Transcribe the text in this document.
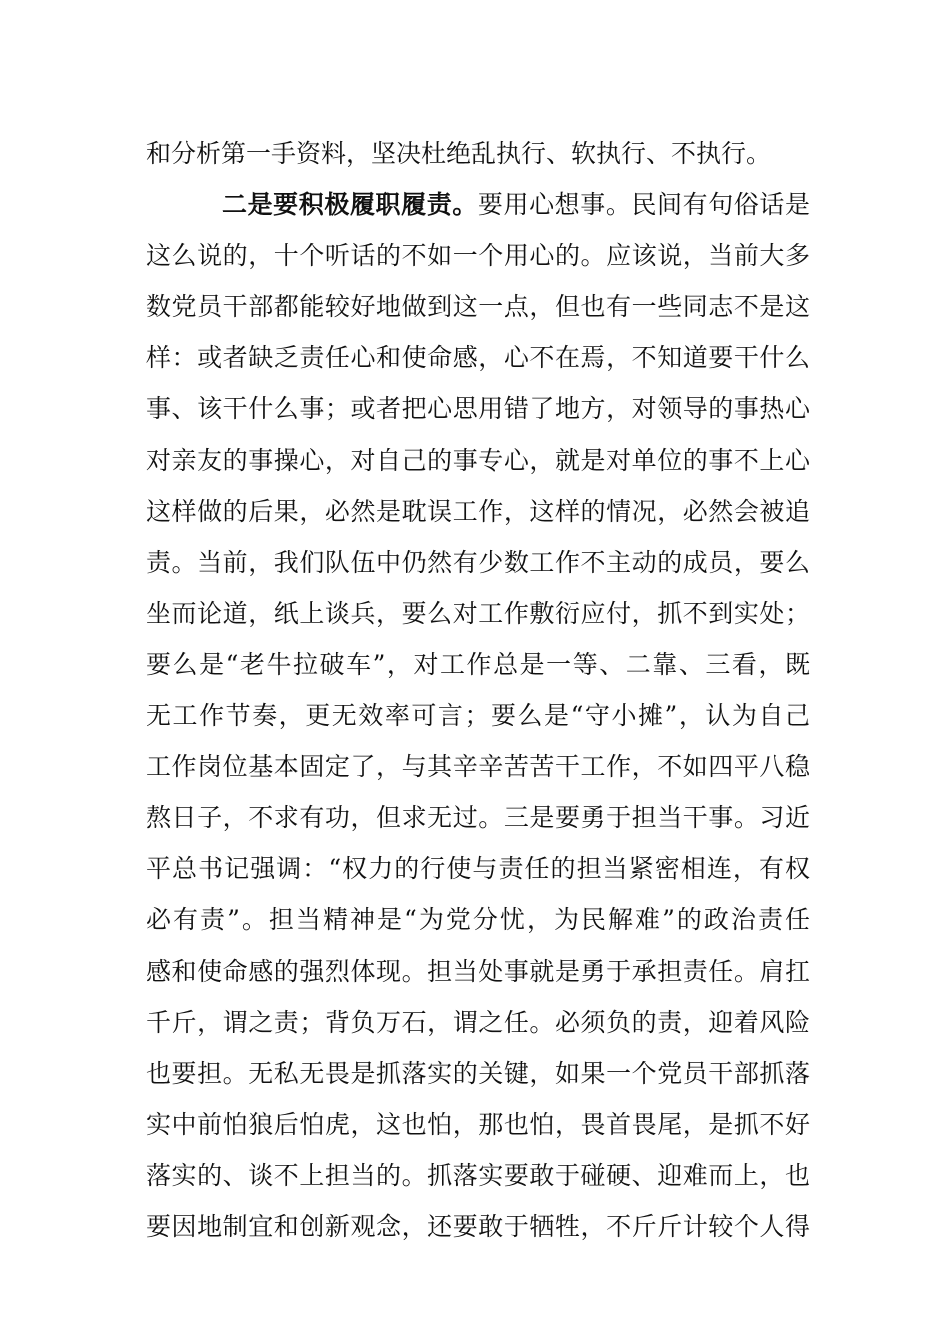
和分析第一手资料，坚决杜绝乱执行、软执行、不执行。
二是要积极履职履责。要用心想事。民间有句俗话是
这么说的，十个听话的不如一个用心的。应该说，当前大多
数党员干部都能较好地做到这一点，但也有一些同志不是这
样：或者缺乏责任心和使命感，心不在焉，不知道要干什么
事、该干什么事；或者把心思用错了地方，对领导的事热心
对亲友的事操心，对自己的事专心，就是对单位的事不上心
这样做的后果，必然是耽误工作，这样的情况，必然会被追
责。当前，我们队伍中仍然有少数工作不主动的成员，要么
坐而论道，纸上谈兵，要么对工作敷衍应付，抓不到实处；
要么是“老牛拉破车”，对工作总是一等、二靠、三看，既
无工作节奏，更无效率可言；要么是“守小摊”，认为自己
工作岗位基本固定了，与其辛辛苦苦干工作，不如四平八稳
熬日子，不求有功，但求无过。三是要勇于担当干事。习近
平总书记强调：“权力的行使与责任的担当紧密相连，有权
必有责”。担当精神是“为党分忧，为民解难”的政治责任
感和使命感的强烈体现。担当处事就是勇于承担责任。肩扛
千斤，谓之责；背负万石，谓之任。必须负的责，迎着风险
也要担。无私无畏是抓落实的关键，如果一个党员干部抓落
实中前怕狼后怕虎，这也怕，那也怕，畏首畏尾，是抓不好
落实的、谈不上担当的。抓落实要敢于碰硬、迎难而上，也
要因地制宜和创新观念，还要敢于牺牲，不斤斤计较个人得
